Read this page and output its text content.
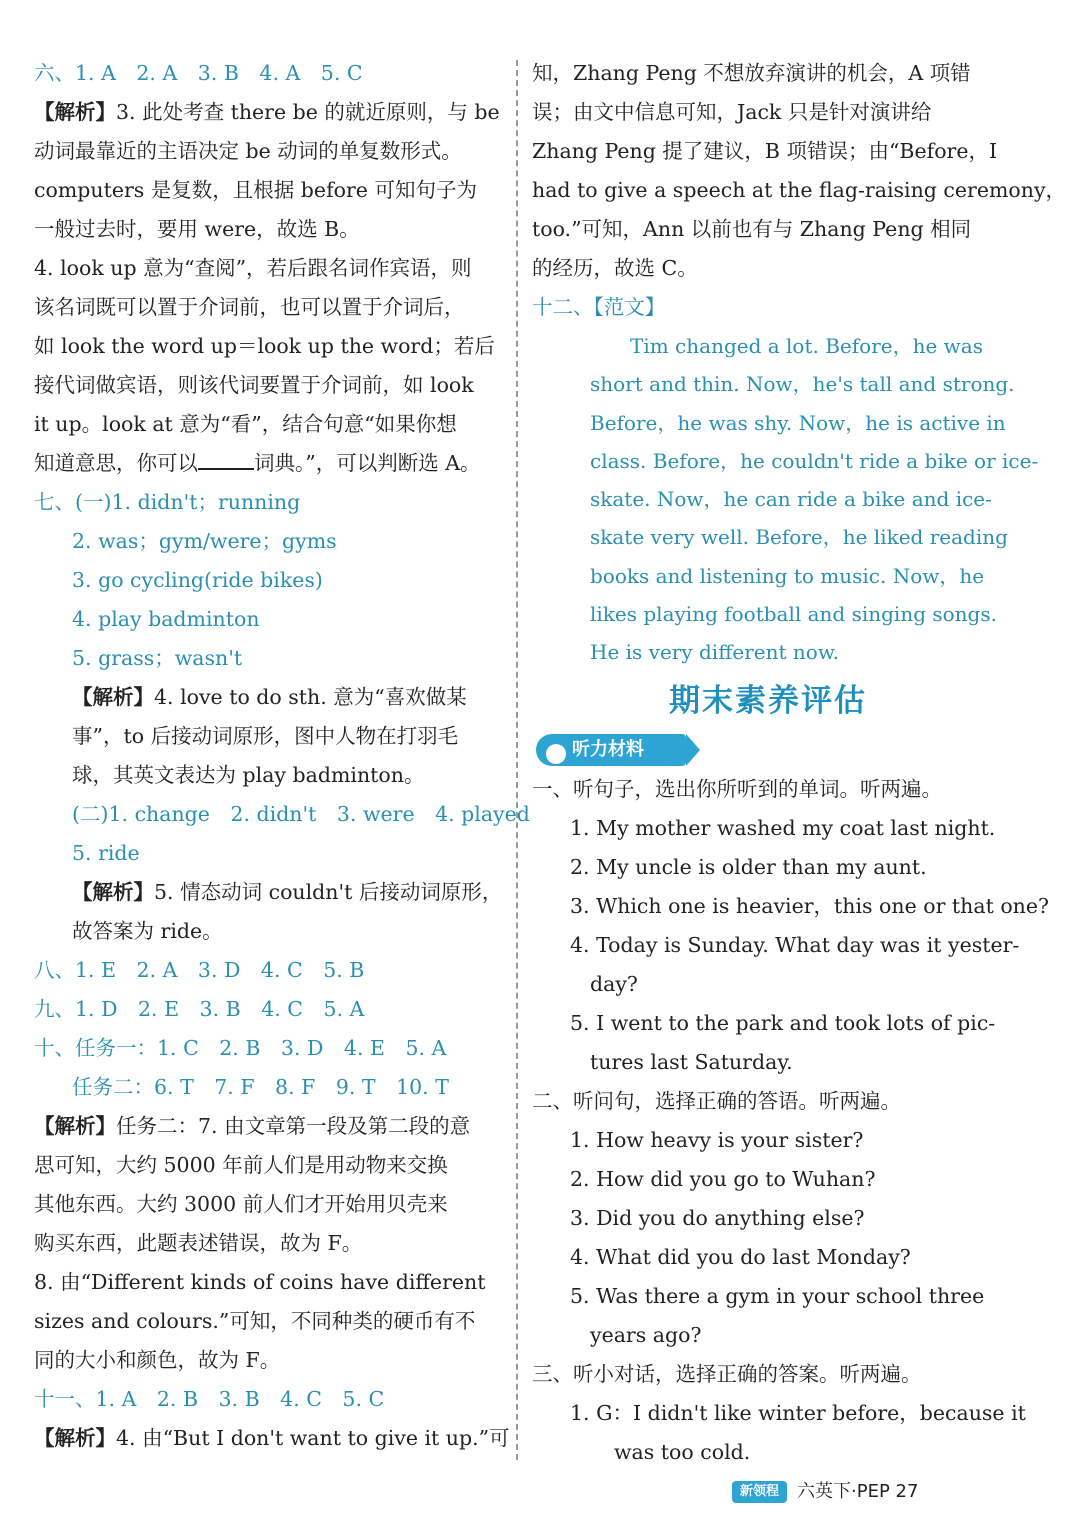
六、1. A　2. A　3. B　4. A　5. C
【解析】3. 此处考查 there be 的就近原则，与 be
动词最靠近的主语决定 be 动词的单复数形式。
computers 是复数，且根据 before 可知句子为
一般过去时，要用 were，故选 B。
4. look up 意为“查阅”，若后跟名词作宾语，则
该名词既可以置于介词前，也可以置于介词后，
如 look the word up＝look up the word；若后
接代词做宾语，则该代词要置于介词前，如 look
it up。look at 意为“看”，结合句意“如果你想
知道意思，你可以	词典。”，可以判断选 A。
七、(一)1. didn't；running
2. was；gym/were；gyms
3. go cycling(ride bikes)
4. play badminton
5. grass；wasn't
【解析】4. love to do sth. 意为“喜欢做某
事”，to 后接动词原形，图中人物在打羽毛
球，其英文表达为 play badminton。
(二)1. change　2. didn't　3. were　4. played
5. ride
【解析】5. 情态动词 couldn't 后接动词原形，
故答案为 ride。
八、1. E　2. A　3. D　4. C　5. B
九、1. D　2. E　3. B　4. C　5. A
十、任务一：1. C　2. B　3. D　4. E　5. A
任务二：6. T　7. F　8. F　9. T　10. T
【解析】任务二：7. 由文章第一段及第二段的意
思可知，大约 5000 年前人们是用动物来交换
其他东西。大约 3000 前人们才开始用贝壳来
购买东西，此题表述错误，故为 F。
8. 由“Different kinds of coins have different
sizes and colours.”可知，不同种类的硬币有不
同的大小和颜色，故为 F。
十一、1. A　2. B　3. B　4. C　5. C
【解析】4. 由“But I don't want to give it up.”可
知，Zhang Peng 不想放弃演讲的机会，A 项错
误；由文中信息可知，Jack 只是针对演讲给
Zhang Peng 提了建议，B 项错误；由“Before，I
had to give a speech at the flag-raising ceremony，
too.”可知，Ann 以前也有与 Zhang Peng 相同
的经历，故选 C。
十二、【范文】
　　Tim changed a lot. Before，he was
short and thin. Now，he's tall and strong.
Before，he was shy. Now，he is active in
class. Before，he couldn't ride a bike or ice-
skate. Now，he can ride a bike and ice-
skate very well. Before，he liked reading
books and listening to music. Now，he
likes playing football and singing songs.
He is very different now.
期末素养评估
听力材料
一、听句子，选出你所听到的单词。听两遍。
1. My mother washed my coat last night.
2. My uncle is older than my aunt.
3. Which one is heavier，this one or that one?
4. Today is Sunday. What day was it yester-
day?
5. I went to the park and took lots of pic-
tures last Saturday.
二、听问句，选择正确的答语。听两遍。
1. How heavy is your sister?
2. How did you go to Wuhan?
3. Did you do anything else?
4. What did you do last Monday?
5. Was there a gym in your school three
years ago?
三、听小对话，选择正确的答案。听两遍。
1. G：I didn't like winter before，because it
was too cold.
新领程 六英下·PEP 27
